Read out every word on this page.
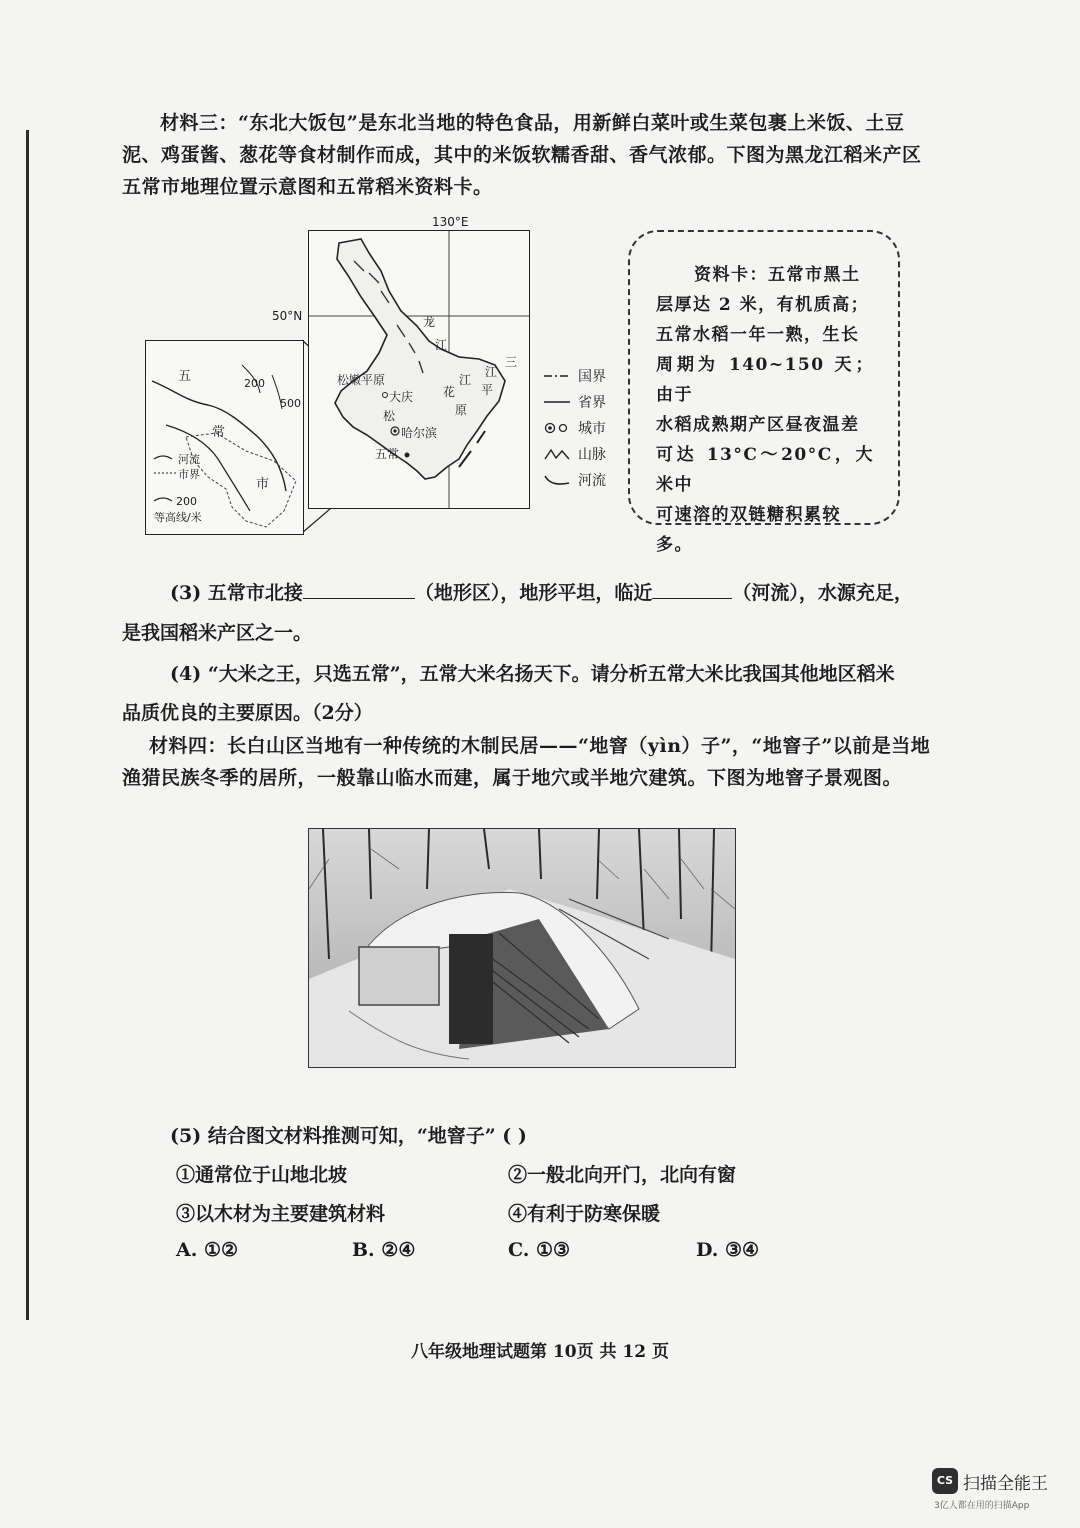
材料三：“东北大饭包”是东北当地的特色食品，用新鲜白菜叶或生菜包裹上米饭、土豆泥、鸡蛋酱、葱花等食材制作而成，其中的米饭软糯香甜、香气浓郁。下图为黑龙江稻米产区五常市地理位置示意图和五常稻米资料卡。

130°E
50°N
松嫩平原
大庆
哈尔滨
五常
龙
江
松
花
江
原
平
江
三
五
常
市
200
500
河流
市界
200
等高线/米
国界
省界
城市
山脉
河流
资料卡：五常市黑土
层厚达 2 米，有机质高；
五常水稻一年一熟，生长
周期为 140~150 天；由于
水稻成熟期产区昼夜温差
可达 13°C～20°C，大米中
可速溶的双链糖积累较
多。
(3) 五常市北接	（地形区），地形平坦，临近	（河流），水源充足，
是我国稻米产区之一。
(4) “大米之王，只选五常”，五常大米名扬天下。请分析五常大米比我国其他地区稻米
品质优良的主要原因。（2分）

材料四：长白山区当地有一种传统的木制民居——“地窨（yìn）子”，“地窨子”以前是当地渔猎民族冬季的居所，一般靠山临水而建，属于地穴或半地穴建筑。下图为地窨子景观图。

(5) 结合图文材料推测可知，“地窨子” ( )
①通常位于山地北坡	②一般北向开门，北向有窗
③以木材为主要建筑材料	④有利于防寒保暖
A. ①②	B. ②④	C. ①③	D. ③④
八年级地理试题第 10页 共 12 页
CS 扫描全能王
3亿人都在用的扫描App
